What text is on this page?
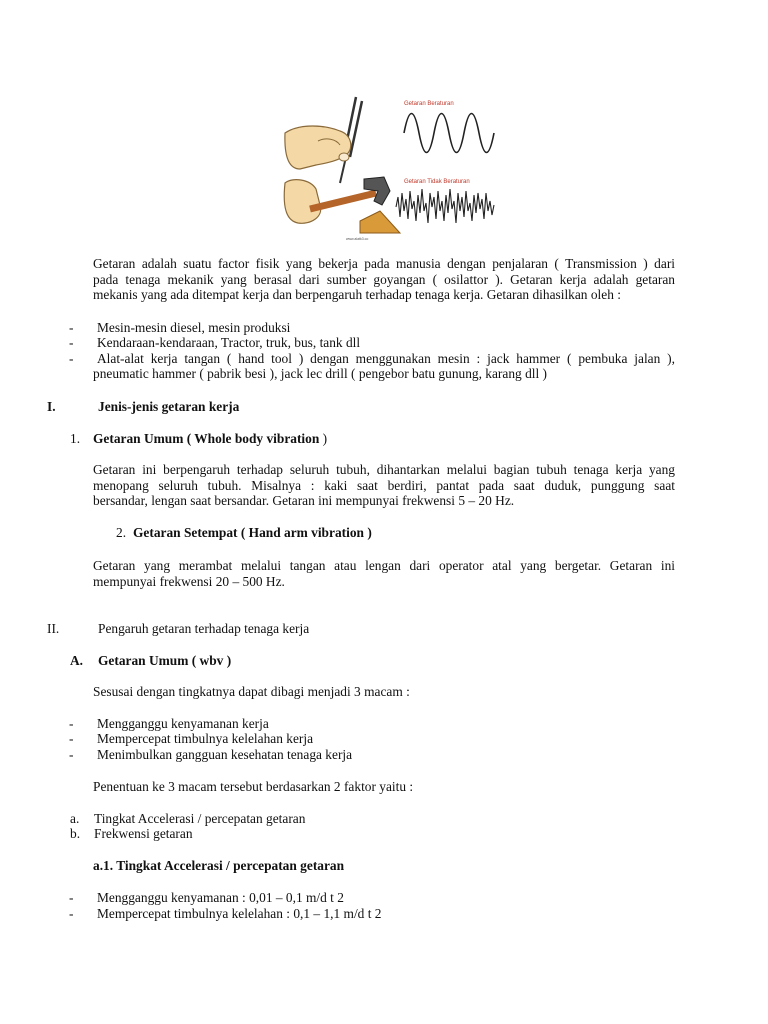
Getaran Beraturan
Getaran Tidak Beraturan
www.alatk3.co
Getaran adalah suatu factor fisik yang bekerja pada manusia dengan penjalaran ( Transmission ) dari
pada tenaga mekanik yang berasal dari sumber goyangan ( osilattor ). Getaran kerja adalah getaran
mekanis yang ada ditempat kerja dan berpengaruh terhadap tenaga kerja. Getaran dihasilkan oleh :
- Mesin-mesin diesel, mesin produksi
- Kendaraan-kendaraan, Tractor, truk, bus, tank dll
- Alat-alat kerja tangan ( hand tool ) dengan menggunakan mesin : jack hammer ( pembuka jalan ),
pneumatic hammer ( pabrik besi ), jack lec drill ( pengebor batu gunung, karang dll )
I.	Jenis-jenis getaran kerja
1. Getaran Umum ( Whole body vibration )
Getaran ini berpengaruh terhadap seluruh tubuh, dihantarkan melalui bagian tubuh tenaga kerja yang
menopang seluruh tubuh. Misalnya : kaki saat berdiri, pantat pada saat duduk, punggung saat
bersandar, lengan saat bersandar. Getaran ini mempunyai frekwensi 5 – 20 Hz.
2. Getaran Setempat ( Hand arm vibration )
Getaran yang merambat melalui tangan atau lengan dari operator atal yang bergetar. Getaran ini
mempunyai frekwensi 20 – 500 Hz.
II.	Pengaruh getaran terhadap tenaga kerja
A. Getaran Umum ( wbv )
Sesusai dengan tingkatnya dapat dibagi menjadi 3 macam :
- Mengganggu kenyamanan kerja
- Mempercepat timbulnya kelelahan kerja
- Menimbulkan gangguan kesehatan tenaga kerja
Penentuan ke 3 macam tersebut berdasarkan 2 faktor yaitu :
a. Tingkat Accelerasi / percepatan getaran
b. Frekwensi getaran
a.1. Tingkat Accelerasi / percepatan getaran
- Mengganggu kenyamanan : 0,01 – 0,1 m/d t 2
- Mempercepat timbulnya kelelahan : 0,1 – 1,1 m/d t 2
